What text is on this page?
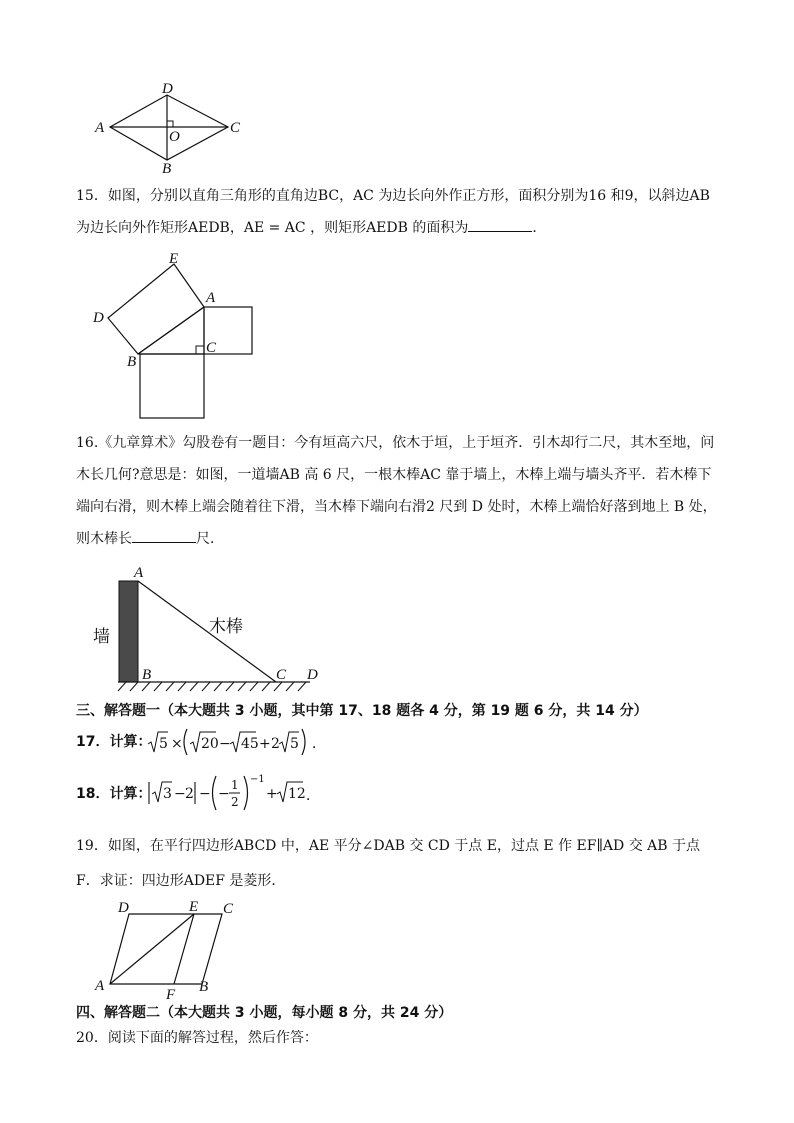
D
A
O
C
B
15．如图，分别以直角三角形的直角边BC，AC 为边长向外作正方形，面积分别为16 和9，以斜边AB
为边长向外作矩形AEDB，AE = AC ，则矩形AEDB 的面积为	．
E
A
D
C
B
16.《九章算术》勾股卷有一题目：今有垣高六尺，依木于垣，上于垣齐．引木却行二尺，其木至地，问
木长几何?意思是：如图，一道墙AB 高 6 尺，一根木棒AC 靠于墙上，木棒上端与墙头齐平．若木棒下
端向右滑，则木棒上端会随着往下滑，当木棒下端向右滑2 尺到 D 处时，木棒上端恰好落到地上 B 处，
则木棒长	尺．
墙	木棒
A
B	C D
三、解答题一（本大题共 3 小题，其中第 17、18 题各 4 分，第 19 题 6 分，共 14 分）
17．计算： 5 × 20 − 45 + 2 5 ．
18．计算： 3 − 2 − −
1
2
−1
+ 12 ．
19．如图，在平行四边形ABCD 中，AE 平分∠DAB 交 CD 于点 E，过点 E 作 EF∥AD 交 AB 于点
F．求证：四边形ADEF 是菱形．
D	E C
A
F B
四、解答题二（本大题共 3 小题，每小题 8 分，共 24 分）
20．阅读下面的解答过程，然后作答：
